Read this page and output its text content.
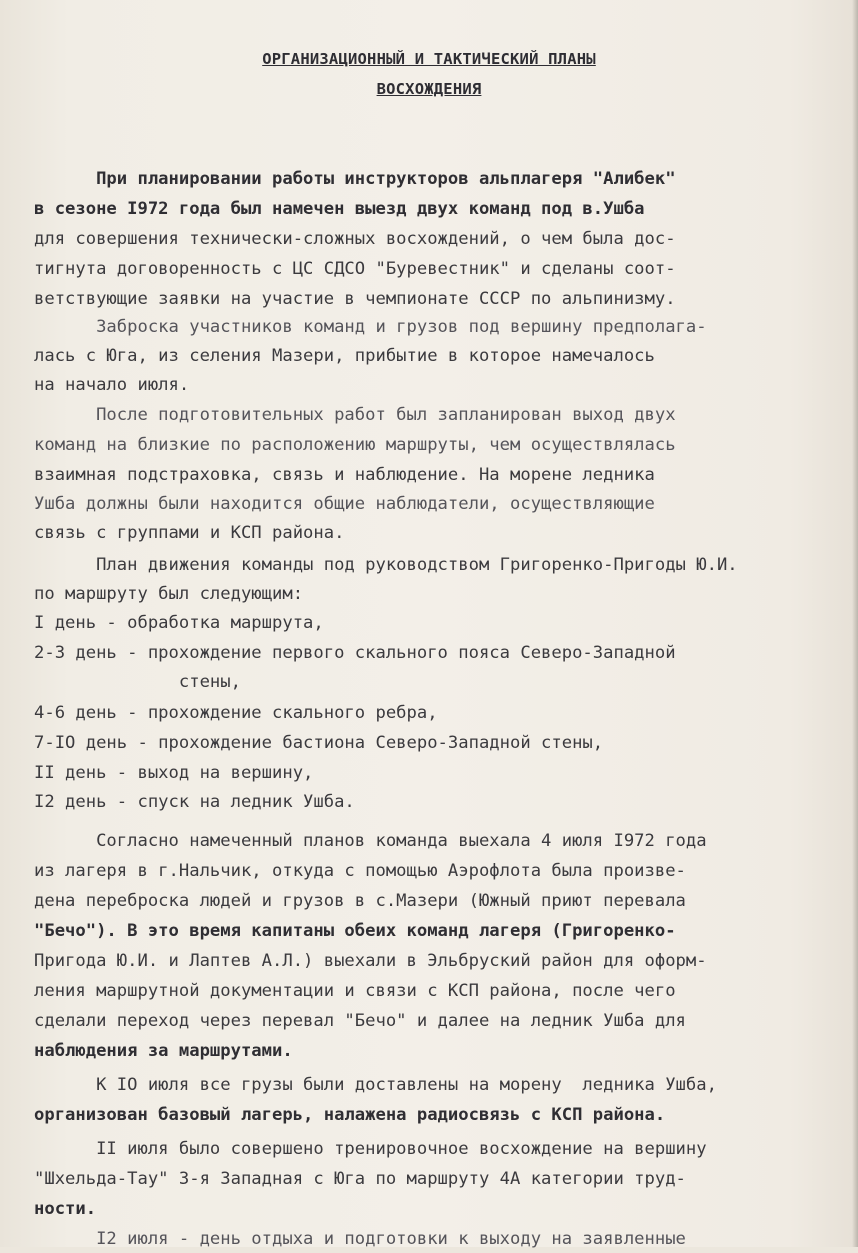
ОРГАНИЗАЦИОННЫЙ И ТАКТИЧЕСКИЙ ПЛАНЫ
ВОСХОЖДЕНИЯ
При планировании работы инструкторов альплагеря "Алибек"
в сезоне I972 года был намечен выезд двух команд под в.Ушба
для совершения технически-сложных восхождений, о чем была дос-
тигнута договоренность с ЦС СДСО "Буревестник" и сделаны соот-
ветствующие заявки на участие в чемпионате СССР по альпинизму.
Заброска участников команд и грузов под вершину предполага-
лась с Юга, из селения Мазери, прибытие в которое намечалось
на начало июля.
После подготовительных работ был запланирован выход двух
команд на близкие по расположению маршруты, чем осуществлялась
взаимная подстраховка, связь и наблюдение. На морене ледника
Ушба должны были находится общие наблюдатели, осуществляющие
связь с группами и КСП района.
План движения команды под руководством Григоренко-Пригоды Ю.И.
по маршруту был следующим:
I день - обработка маршрута,
2-3 день - прохождение первого скального пояса Северо-Западной
стены,
4-6 день - прохождение скального ребра,
7-IO день - прохождение бастиона Северо-Западной стены,
II день - выход на вершину,
I2 день - спуск на ледник Ушба.
Согласно намеченный планов команда выехала 4 июля I972 года
из лагеря в г.Нальчик, откуда с помощью Аэрофлота была произве-
дена переброска людей и грузов в с.Мазери (Южный приют перевала
"Бечо"). В это время капитаны обеих команд лагеря (Григоренко-
Пригода Ю.И. и Лаптев А.Л.) выехали в Эльбруский район для оформ-
ления маршрутной документации и связи с КСП района, после чего
сделали переход через перевал "Бечо" и далее на ледник Ушба для
наблюдения за маршрутами.
К IO июля все грузы были доставлены на морену  ледника Ушба,
организован базовый лагерь, налажена радиосвязь с КСП района.
II июля было совершено тренировочное восхождение на вершину
"Шхельда-Тау" 3-я Западная с Юга по маршруту 4А категории труд-
ности.
I2 июля - день отдыха и подготовки к выходу на заявленные
